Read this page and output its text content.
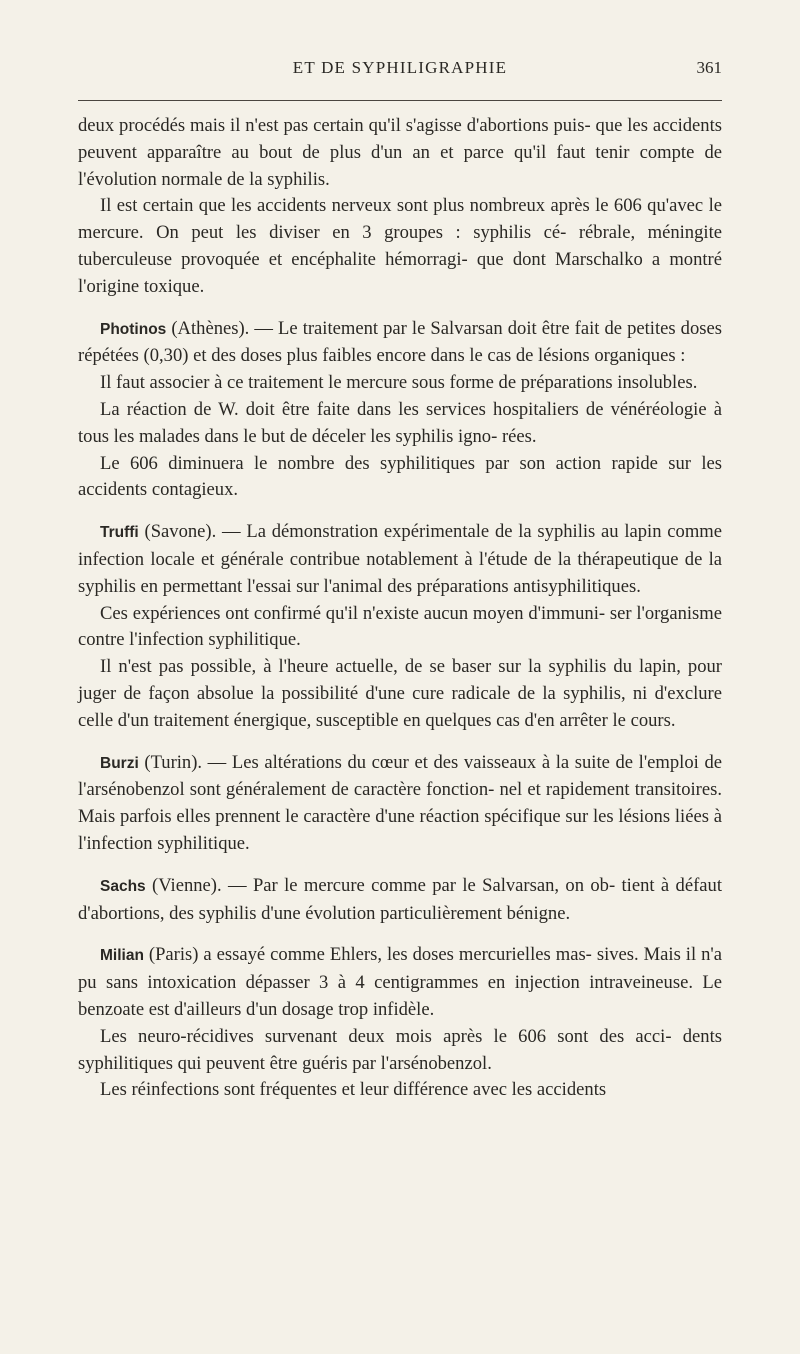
ET DE SYPHILIGRAPHIE	361

deux procédés mais il n'est pas certain qu'il s'agisse d'abortions puis- que les accidents peuvent apparaître au bout de plus d'un an et parce qu'il faut tenir compte de l'évolution normale de la syphilis.

Il est certain que les accidents nerveux sont plus nombreux après le 606 qu'avec le mercure. On peut les diviser en 3 groupes : syphilis cé- rébrale, méningite tuberculeuse provoquée et encéphalite hémorragi- que dont Marschalko a montré l'origine toxique.

Photinos (Athènes). — Le traitement par le Salvarsan doit être fait de petites doses répétées (0,30) et des doses plus faibles encore dans le cas de lésions organiques :

Il faut associer à ce traitement le mercure sous forme de préparations insolubles.

La réaction de W. doit être faite dans les services hospitaliers de vénéréologie à tous les malades dans le but de déceler les syphilis igno- rées.

Le 606 diminuera le nombre des syphilitiques par son action rapide sur les accidents contagieux.

Truffi (Savone). — La démonstration expérimentale de la syphilis au lapin comme infection locale et générale contribue notablement à l'étude de la thérapeutique de la syphilis en permettant l'essai sur l'animal des préparations antisyphilitiques.

Ces expériences ont confirmé qu'il n'existe aucun moyen d'immuni- ser l'organisme contre l'infection syphilitique.

Il n'est pas possible, à l'heure actuelle, de se baser sur la syphilis du lapin, pour juger de façon absolue la possibilité d'une cure radicale de la syphilis, ni d'exclure celle d'un traitement énergique, susceptible en quelques cas d'en arrêter le cours.

Burzi (Turin). — Les altérations du cœur et des vaisseaux à la suite de l'emploi de l'arsénobenzol sont généralement de caractère fonction- nel et rapidement transitoires. Mais parfois elles prennent le caractère d'une réaction spécifique sur les lésions liées à l'infection syphilitique.

Sachs (Vienne). — Par le mercure comme par le Salvarsan, on ob- tient à défaut d'abortions, des syphilis d'une évolution particulièrement bénigne.

Milian (Paris) a essayé comme Ehlers, les doses mercurielles mas- sives. Mais il n'a pu sans intoxication dépasser 3 à 4 centigrammes en injection intraveineuse. Le benzoate est d'ailleurs d'un dosage trop infidèle.

Les neuro-récidives survenant deux mois après le 606 sont des acci- dents syphilitiques qui peuvent être guéris par l'arsénobenzol.

Les réinfections sont fréquentes et leur différence avec les accidents
